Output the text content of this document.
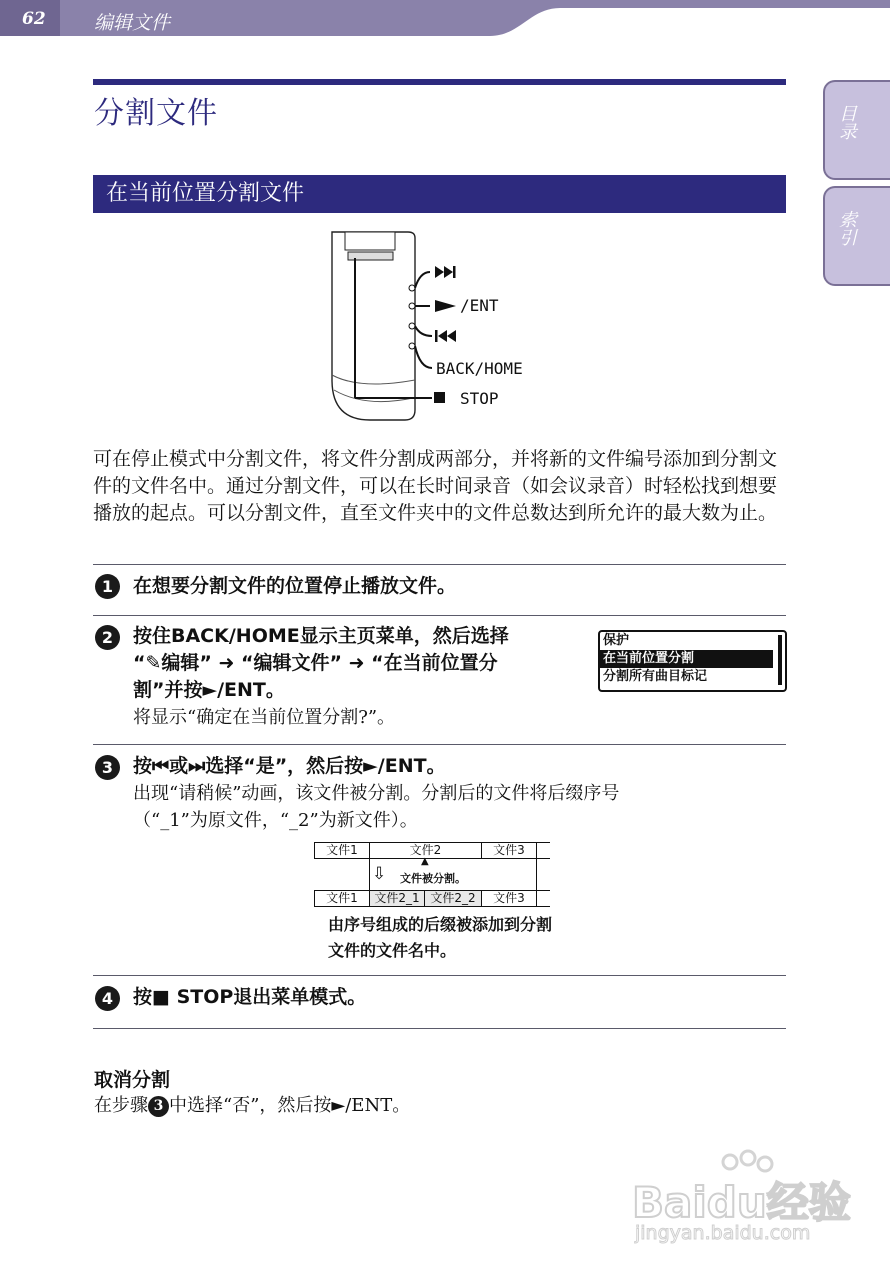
62	编辑文件
目录
索引
分割文件
在当前位置分割文件
/ENT
BACK/HOME
STOP
可在停止模式中分割文件，将文件分割成两部分，并将新的文件编号添加到分割文件的文件名中。通过分割文件，可以在长时间录音（如会议录音）时轻松找到想要播放的起点。可以分割文件，直至文件夹中的文件总数达到所允许的最大数为止。
1	在想要分割文件的位置停止播放文件。
2	按住BACK/HOME显示主页菜单，然后选择
“✎编辑” ➜ “编辑文件” ➜ “在当前位置分
割”并按►/ENT。
将显示“确定在当前位置分割?”。
保护
在当前位置分割
分割所有曲目标记
3	按⏮或⏭选择“是”，然后按►/ENT。
出现“请稍候”动画，该文件被分割。分割后的文件将后缀序号
（“_1”为原文件，“_2”为新文件）。
文件1	文件2	文件3
▲
⇩ 文件被分割。
文件1	文件2_1 文件2_2	文件3
由序号组成的后缀被添加到分割
文件的文件名中。
4	按■ STOP退出菜单模式。
取消分割
在步骤 3 中选择“否”，然后按►/ENT。
Baidu经验
jingyan.baidu.com
